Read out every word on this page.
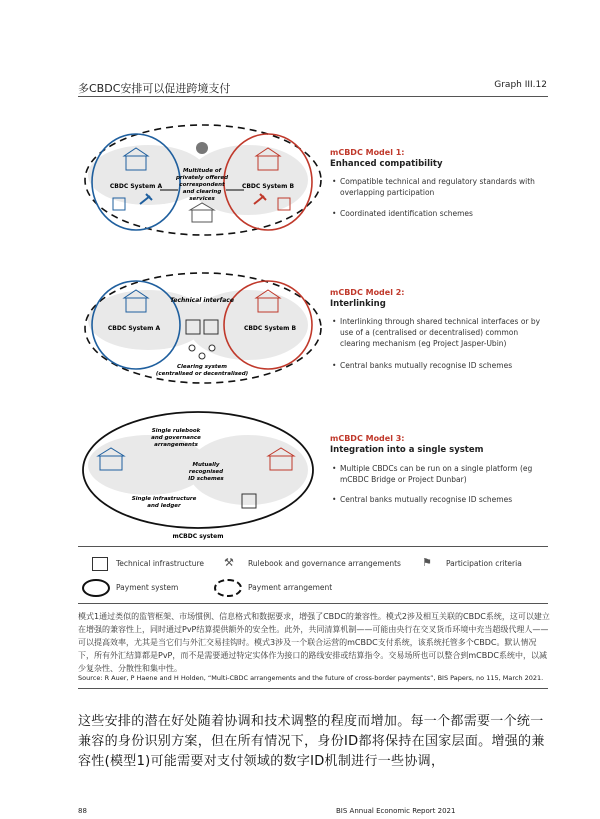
多CBDC安排可以促进跨境支付	Graph III.12
CBDC System A	CBDC System B
Multitude of
privately offered
correspondent
and clearing
services
CBDC System A	CBDC System B
Technical interface
Clearing system
(centralised or decentralised)
Single rulebook
and governance
arrangements
Mutually
recognised
ID schemes
Single infrastructure
and ledger
mCBDC system
mCBDC Model 1:
Enhanced compatibility
• Compatible technical and regulatory standards with overlapping participation
• Coordinated identification schemes
mCBDC Model 2:
Interlinking
• Interlinking through shared technical interfaces or by use of a (centralised or decentralised) common clearing mechanism (eg Project Jasper-Ubin)
• Central banks mutually recognise ID schemes
mCBDC Model 3:
Integration into a single system
• Multiple CBDCs can be run on a single platform (eg mCBDC Bridge or Project Dunbar)
• Central banks mutually recognise ID schemes
Technical infrastructure ⚒	Rulebook and governance arrangements ⚑	Participation criteria
Payment system	Payment arrangement
模式1通过类似的监管框架、市场惯例、信息格式和数据要求，增强了CBDC的兼容性。模式2涉及相互关联的CBDC系统，这可以建立在增强的兼容性上，同时通过PvP结算提供额外的安全性。此外，共同清算机制——可能由央行在交叉货币环境中充当超级代理人——可以提高效率，尤其是当它们与外汇交易挂钩时。模式3涉及一个联合运营的mCBDC支付系统，该系统托管多个CBDC。默认情况下，所有外汇结算都是PvP，而不是需要通过特定实体作为接口的路线安排或结算指令。交易场所也可以整合到mCBDC系统中，以减少复杂性、分散性和集中性。
Source: R Auer, P Haene and H Holden, “Multi-CBDC arrangements and the future of cross-border payments”, BIS Papers, no 115, March 2021.
这些安排的潜在好处随着协调和技术调整的程度而增加。每一个都需要一个统一兼容的身份识别方案，但在所有情况下，身份ID都将保持在国家层面。增强的兼容性(模型1)可能需要对支付领域的数字ID机制进行一些协调，
88	BIS Annual Economic Report 2021
